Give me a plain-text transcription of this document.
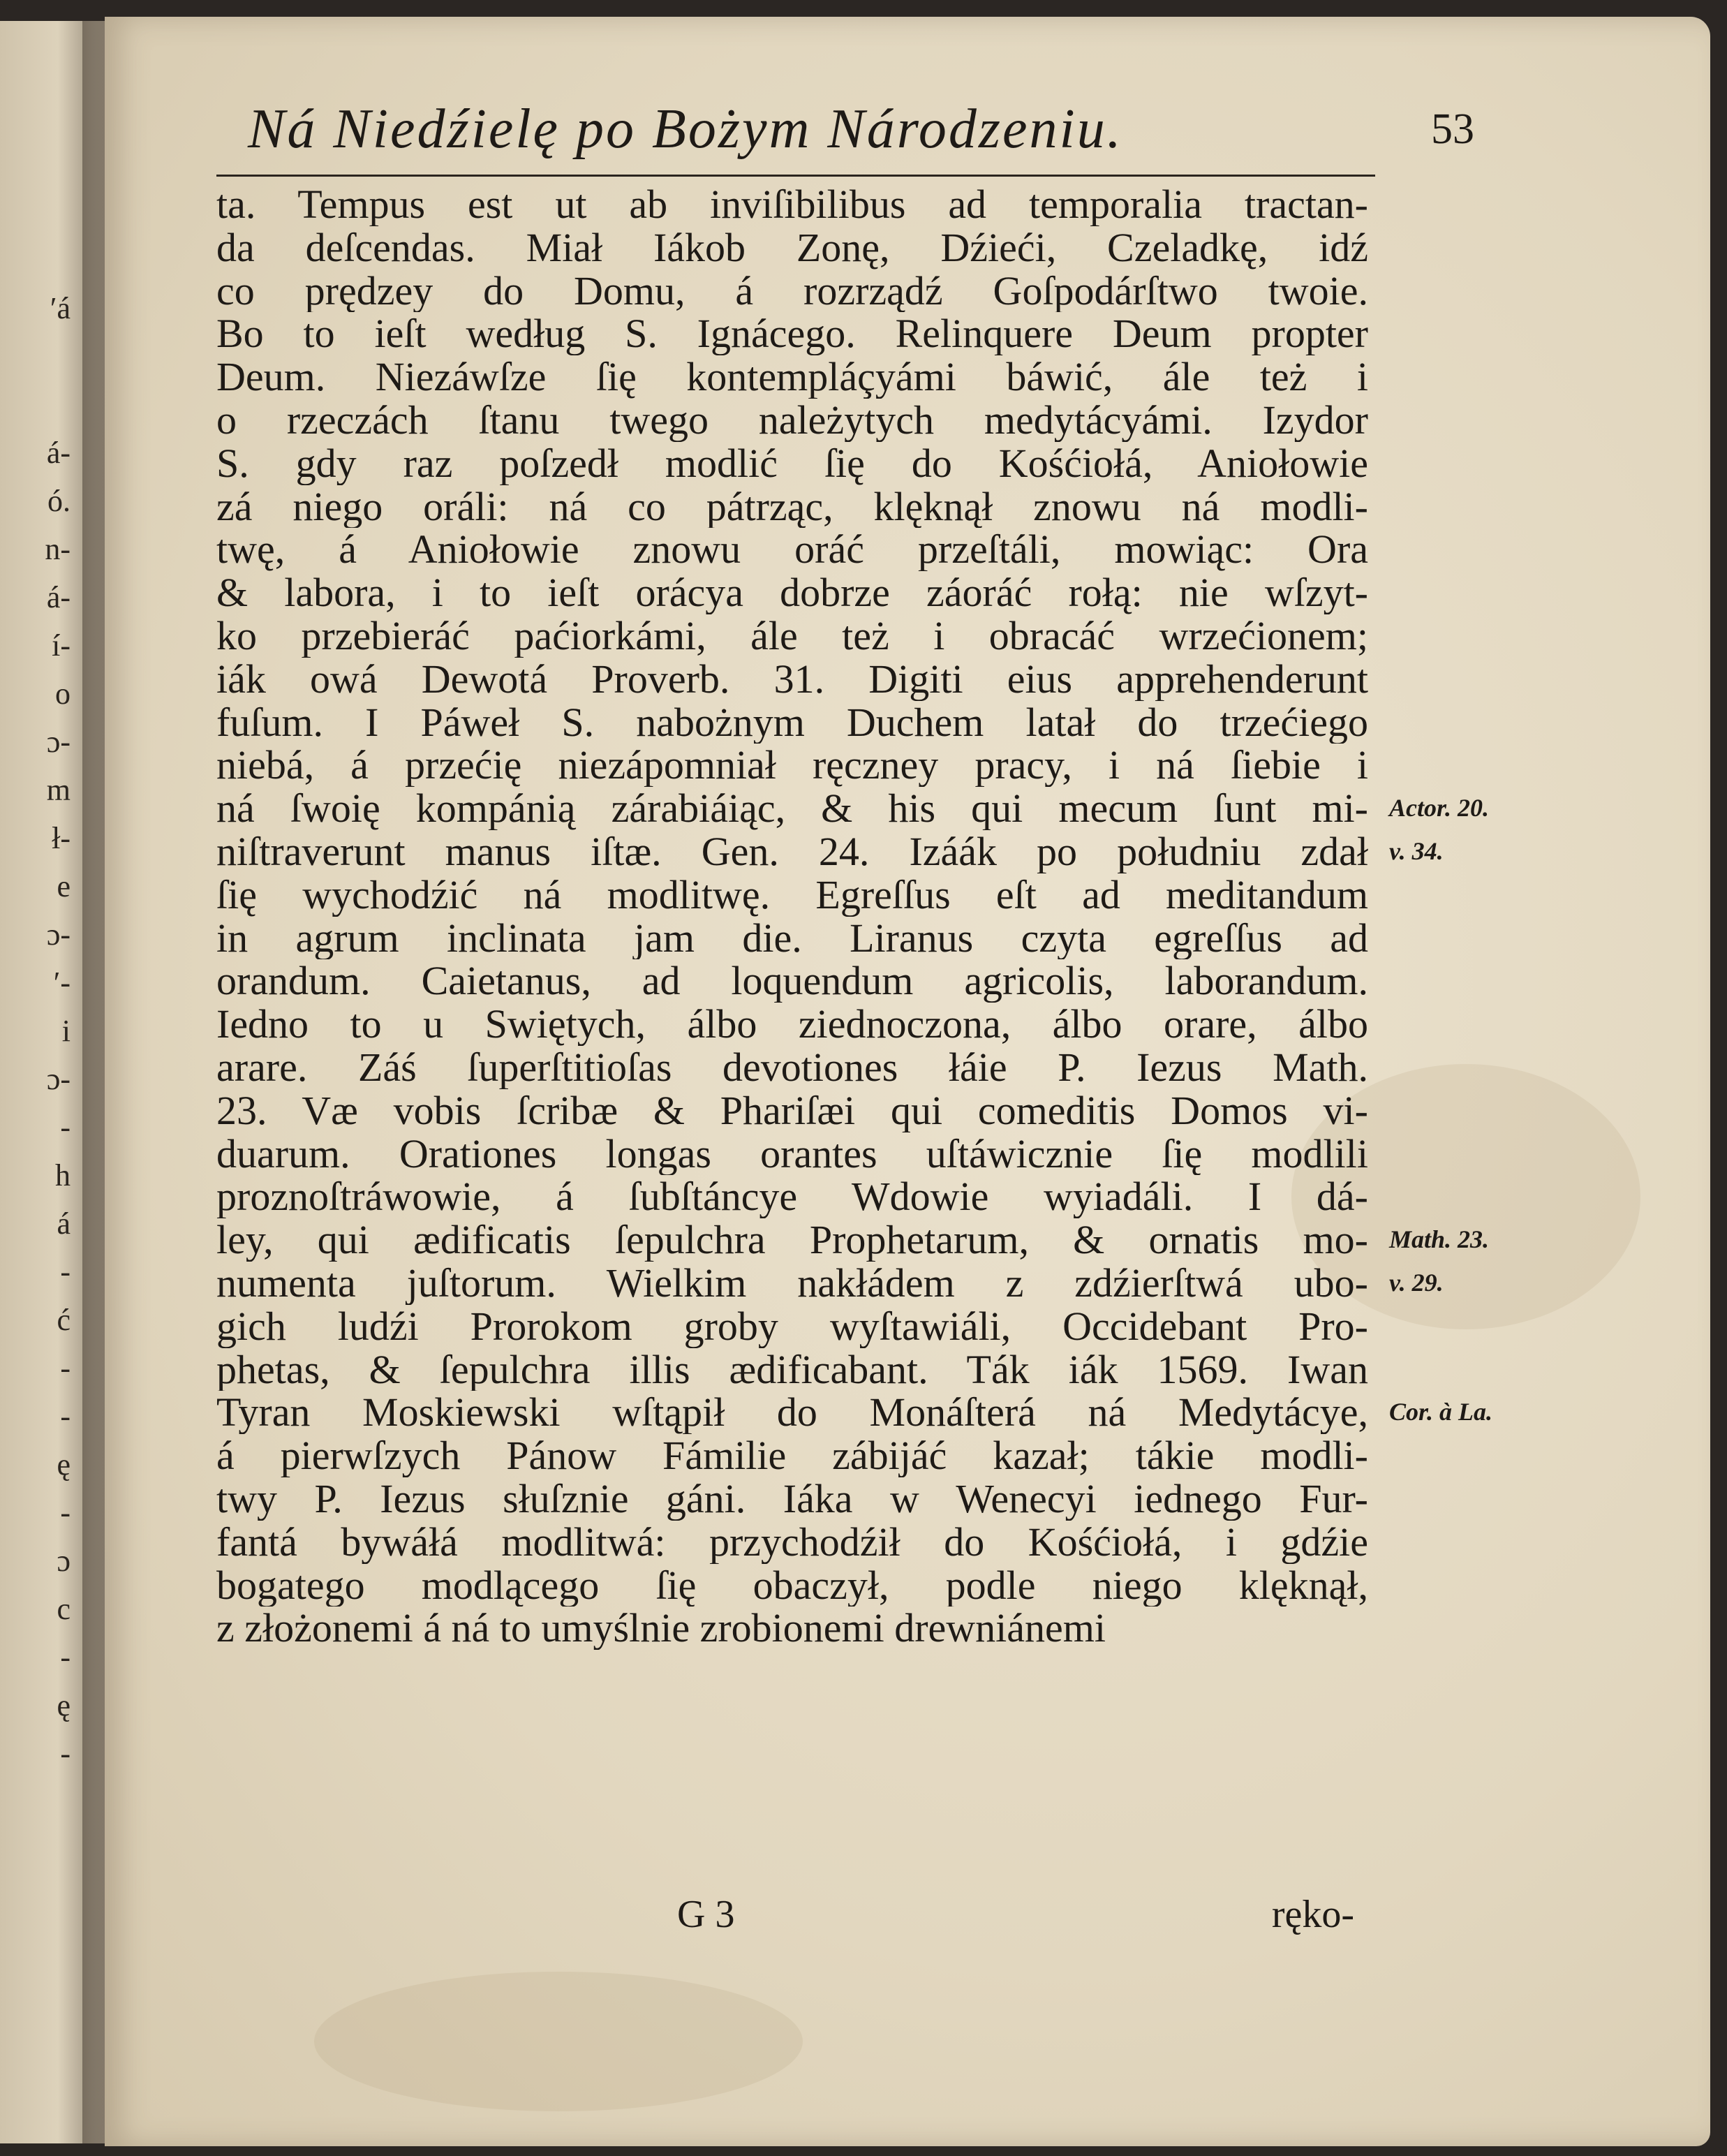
ʹá
á-
ó.
n-
á-
í-
o
ɔ-
m
ł-
e
ɔ-
ʹ-
i
ɔ-
-
h
á
-
ć
-
-
ę
-
ɔ
c
-
ę
-
Ná Niedźielę po Bożym Národzeniu.	53
ta. Tempus est ut ab inviſibilibus ad temporalia tractan-
da deſcendas. Miał Iákob Zonę, Dźieći, Czeladkę, idź
co prędzey do Domu, á rozrządź Goſpodárſtwo twoie.
Bo to ieſt według S. Ignácego. Relinquere Deum propter
Deum. Niezáwſze ſię kontempláçyámi báwić, ále też i
o rzeczách ſtanu twego należytych medytácyámi. Izydor
S. gdy raz poſzedł modlić ſię do Kośćiołá, Aniołowie
zá niego oráli: ná co pátrząc, klęknął znowu ná modli-
twę, á Aniołowie znowu oráć przeſtáli, mowiąc: Ora
& labora, i to ieſt orácya dobrze záoráć rołą: nie wſzyt-
ko przebieráć paćiorkámi, ále też i obracáć wrzećionem;
iák owá Dewotá Proverb. 31. Digiti eius apprehenderunt
fuſum. I Páweł S. nabożnym Duchem latał do trzećiego
niebá, á przećię niezápomniał ręczney pracy, i ná ſiebie i
ná ſwoię kompánią zárabiáiąc, & his qui mecum ſunt mi-
niſtraverunt manus iſtæ. Gen. 24. Izáák po południu zdał
ſię wychodźić ná modlitwę. Egreſſus eſt ad meditandum
in agrum inclinata jam die. Liranus czyta egreſſus ad
orandum. Caietanus, ad loquendum agricolis, laborandum.
Iedno to u Swiętych, álbo ziednoczona, álbo orare, álbo
arare. Záś ſuperſtitioſas devotiones łáie P. Iezus Math.
23. Væ vobis ſcribæ & Phariſæi qui comeditis Domos vi-
duarum. Orationes longas orantes uſtáwicznie ſię modlili
proznoſtráwowie, á ſubſtáncye Wdowie wyiadáli. I dá-
ley, qui ædificatis ſepulchra Prophetarum, & ornatis mo-
numenta juſtorum. Wielkim nakłádem z zdźierſtwá ubo-
gich ludźi Prorokom groby wyſtawiáli, Occidebant Pro-
phetas, & ſepulchra illis ædificabant. Ták iák 1569. Iwan
Tyran Moskiewski wſtąpił do Monáſterá ná Medytácye,
á pierwſzych Pánow Fámilie zábijáć kazał; tákie modli-
twy P. Iezus słuſznie gáni. Iáka w Wenecyi iednego Fur-
fantá bywáłá modlitwá: przychodźił do Kośćiołá, i gdźie
bogatego modlącego ſię obaczył, podle niego klęknął,
z złożonemi á ná to umyślnie zrobionemi drewniánemi
Actor. 20.
v. 34.
Math. 23.
v. 29.
Cor. à La.
G 3	ręko-
